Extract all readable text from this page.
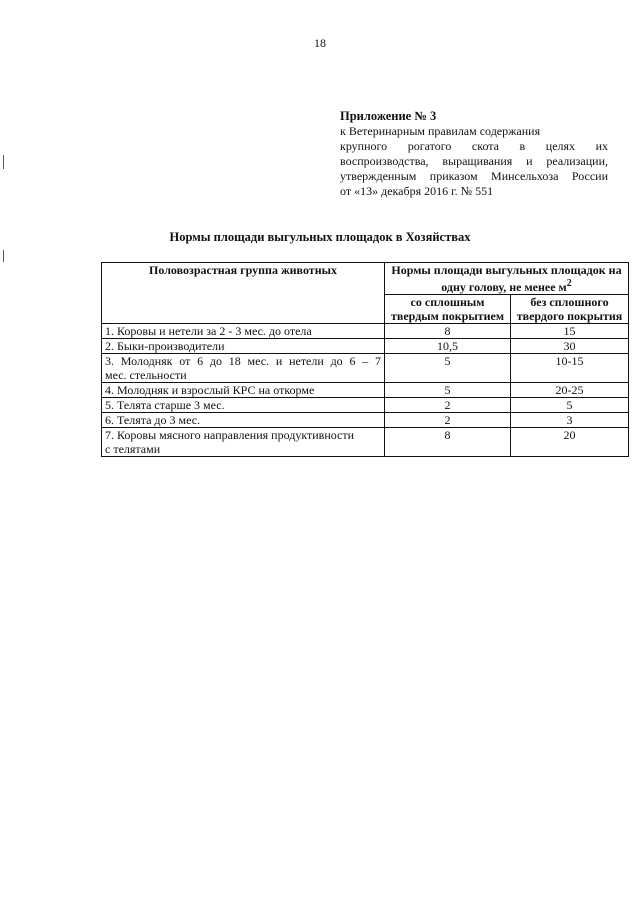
18
Приложение № 3
к Ветеринарным правилам содержания
крупного рогатого скота в целях их
воспроизводства, выращивания и реализации,
утвержденным приказом Минсельхоза России
от «13» декабря 2016 г. № 551
Нормы площади выгульных площадок в Хозяйствах
Половозрастная группа животных	Нормы площади выгульных площадок на одну голову, не менее $м^2$
	со сплошным твердым покрытием	без сплошного твердого покрытия
1. Коровы и нетели за 2 - 3 мес. до отела	8	15
2. Быки-производители	10,5	30

3. Молодняк от 6 до 18 мес. и нетели до 6 – 7
мес. стельности	5	10-15
4. Молодняк и взрослый КРС на откорме	5	20-25
5. Телята старше 3 мес.	2	5
6. Телята до 3 мес.	2	3
7. Коровы мясного направления продуктивности
с телятами	8	20
